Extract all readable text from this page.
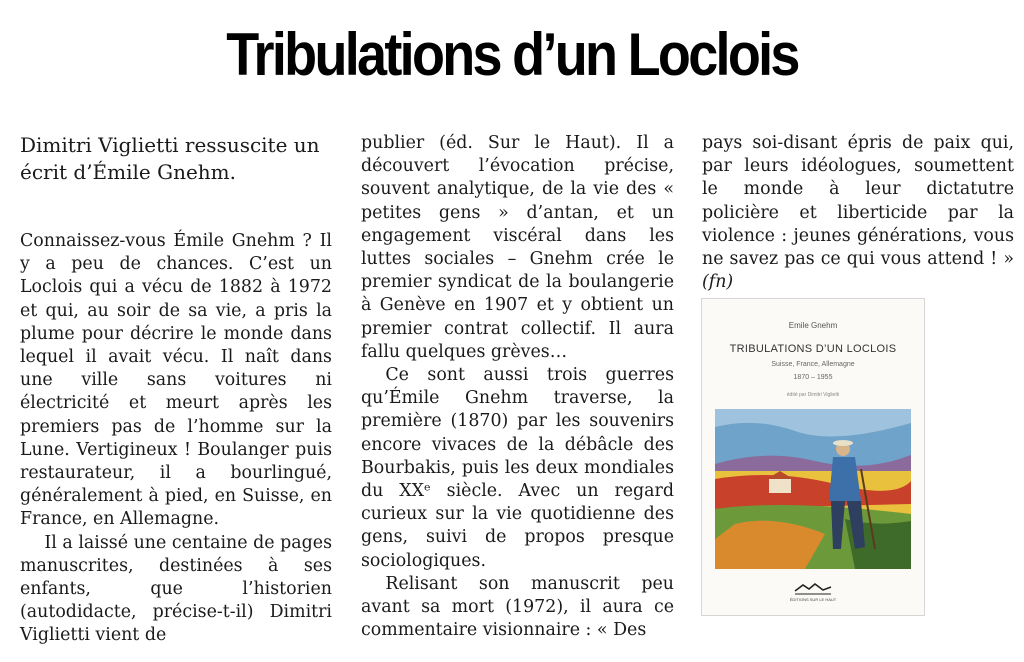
Tribulations d’un Loclois

Dimitri Viglietti ressuscite un écrit d’Émile Gnehm.

Connaissez-vous Émile Gnehm ? Il y a peu de chances. C’est un Loclois qui a vécu de 1882 à 1972 et qui, au soir de sa vie, a pris la plume pour décrire le monde dans lequel il avait vécu. Il naît dans une ville sans voitures ni électricité et meurt après les premiers pas de l’homme sur la Lune. Vertigineux ! Boulanger puis restaurateur, il a bourlingué, généralement à pied, en Suisse, en France, en Allemagne.

Il a laissé une centaine de pages manuscrites, destinées à ses enfants, que l’historien (autodidacte, précise-t-il) Dimitri Viglietti vient de

publier (éd. Sur le Haut). Il a découvert l’évocation précise, souvent analytique, de la vie des « petites gens » d’antan, et un engagement viscéral dans les luttes sociales – Gnehm crée le premier syndicat de la boulangerie à Genève en 1907 et y obtient un premier contrat collectif. Il aura fallu quelques grèves…

Ce sont aussi trois guerres qu’Émile Gnehm traverse, la première (1870) par les souvenirs encore vivaces de la débâcle des Bourbakis, puis les deux mondiales du XXᵉ siècle. Avec un regard curieux sur la vie quotidienne des gens, suivi de propos presque sociologiques.

Relisant son manuscrit peu avant sa mort (1972), il aura ce commentaire visionnaire : « Des

pays soi-disant épris de paix qui, par leurs idéologues, soumettent le monde à leur dictatutre policière et liberticide par la violence : jeunes générations, vous ne savez pas ce qui vous attend ! » (fn)

Emile Gnehm
TRIBULATIONS D’UN LOCLOIS
Suisse, France, Allemagne
1870 – 1955
édité par Dimitri Viglietti
ÉDITIONS SUR LE HAUT
